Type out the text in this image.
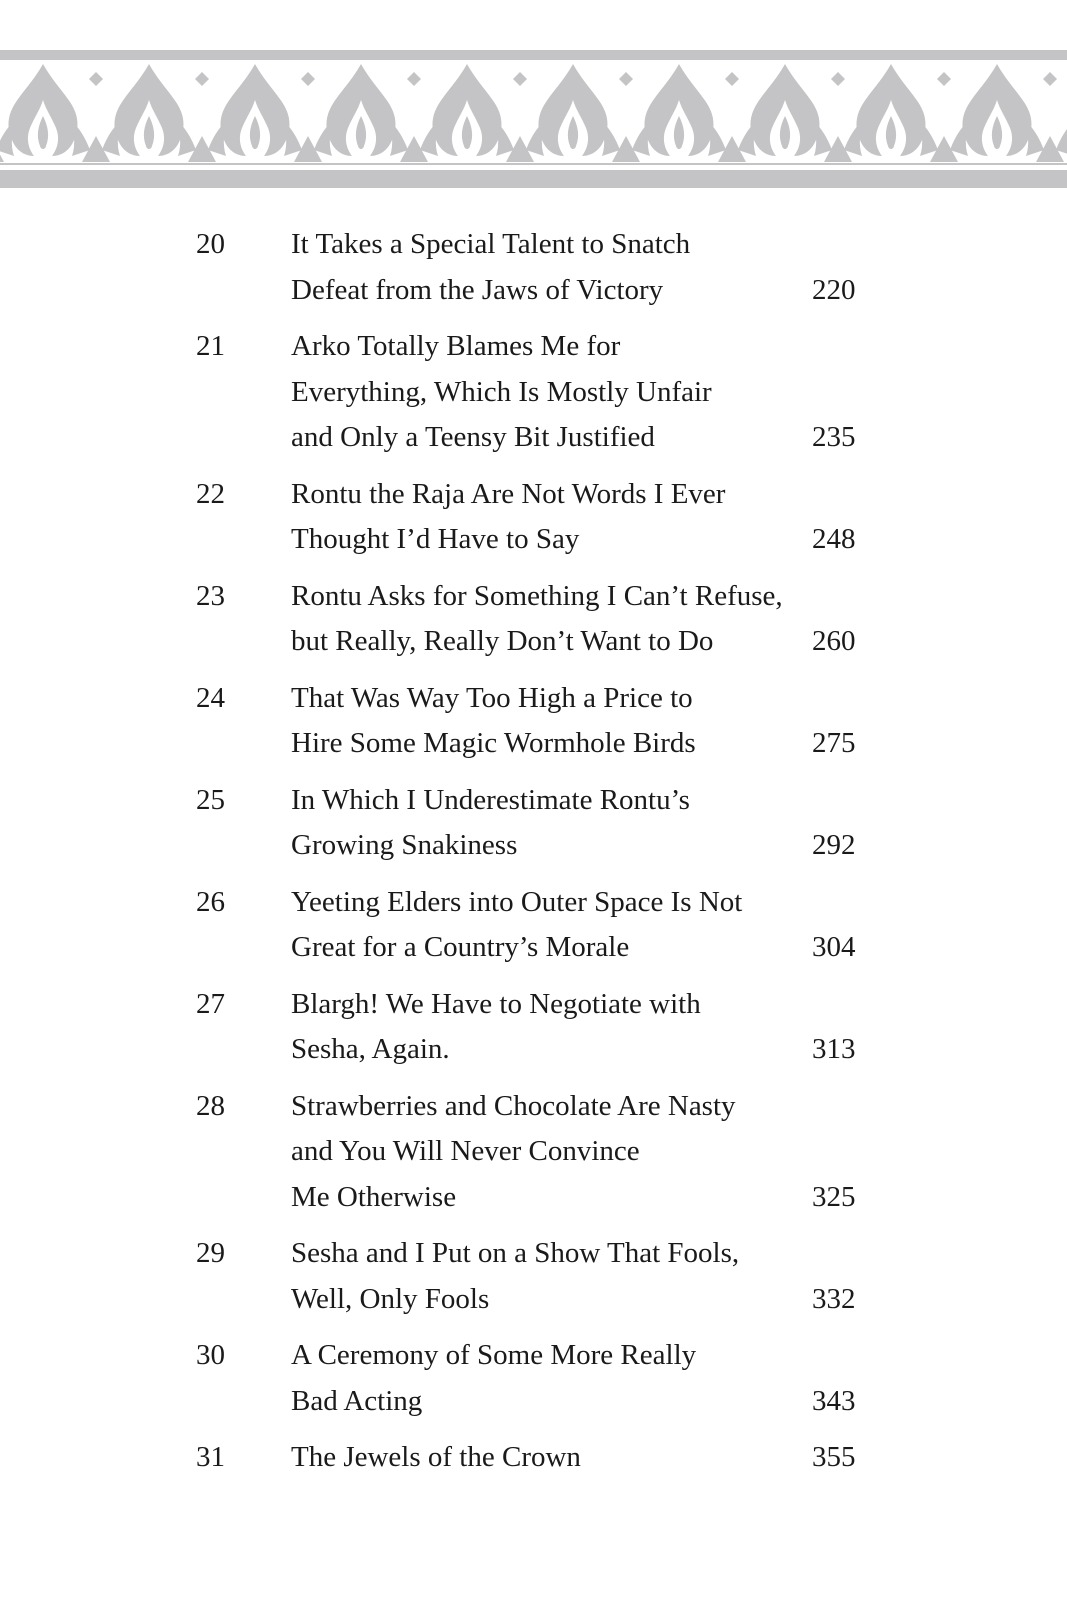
20	It Takes a Special Talent to Snatch
Defeat from the Jaws of Victory	220
21	Arko Totally Blames Me for
Everything, Which Is Mostly Unfair
and Only a Teensy Bit Justified	235
22	Rontu the Raja Are Not Words I Ever
Thought I’d Have to Say	248
23	Rontu Asks for Something I Can’t Refuse,
but Really, Really Don’t Want to Do	260
24	That Was Way Too High a Price to
Hire Some Magic Wormhole Birds	275
25	In Which I Underestimate Rontu’s
Growing Snakiness	292
26	Yeeting Elders into Outer Space Is Not
Great for a Country’s Morale	304
27	Blargh! We Have to Negotiate with
Sesha, Again.	313
28	Strawberries and Chocolate Are Nasty
and You Will Never Convince
Me Otherwise	325
29	Sesha and I Put on a Show That Fools,
Well, Only Fools	332
30	A Ceremony of Some More Really
Bad Acting	343
31	The Jewels of the Crown	355
